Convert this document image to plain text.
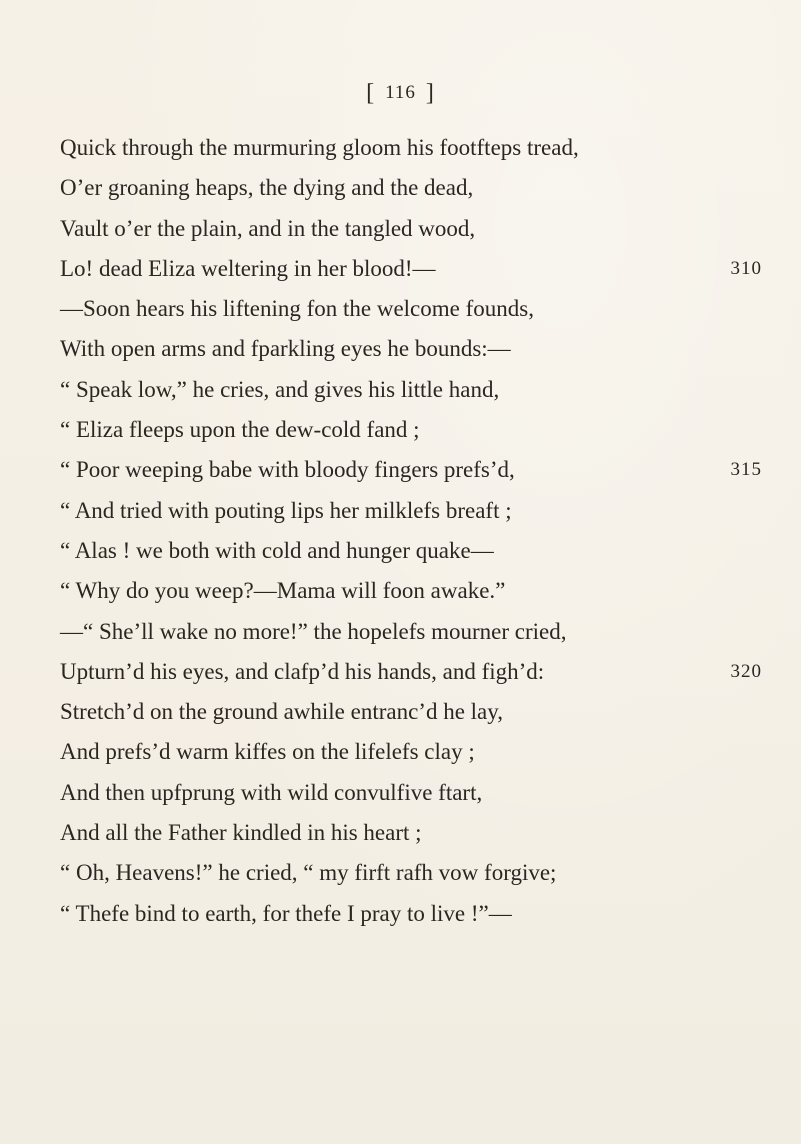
[ 116 ]
Quick through the murmuring gloom his footfteps tread,
O’er groaning heaps, the dying and the dead,
Vault o’er the plain, and in the tangled wood,
Lo! dead Eliza weltering in her blood!—	310
—Soon hears his liftening fon the welcome founds,
With open arms and fparkling eyes he bounds:—
“ Speak low,” he cries, and gives his little hand,
“ Eliza fleeps upon the dew-cold fand ;
“ Poor weeping babe with bloody fingers prefs’d,	315
“ And tried with pouting lips her milklefs breaft ;
“ Alas ! we both with cold and hunger quake—
“ Why do you weep?—Mama will foon awake.”
—“ She’ll wake no more!” the hopelefs mourner cried,
Upturn’d his eyes, and clafp’d his hands, and figh’d:	320
Stretch’d on the ground awhile entranc’d he lay,
And prefs’d warm kiffes on the lifelefs clay ;
And then upfprung with wild convulfive ftart,
And all the Father kindled in his heart ;
“ Oh, Heavens!” he cried, “ my firft rafh vow forgive;
“ Thefe bind to earth, for thefe I pray to live !”—
